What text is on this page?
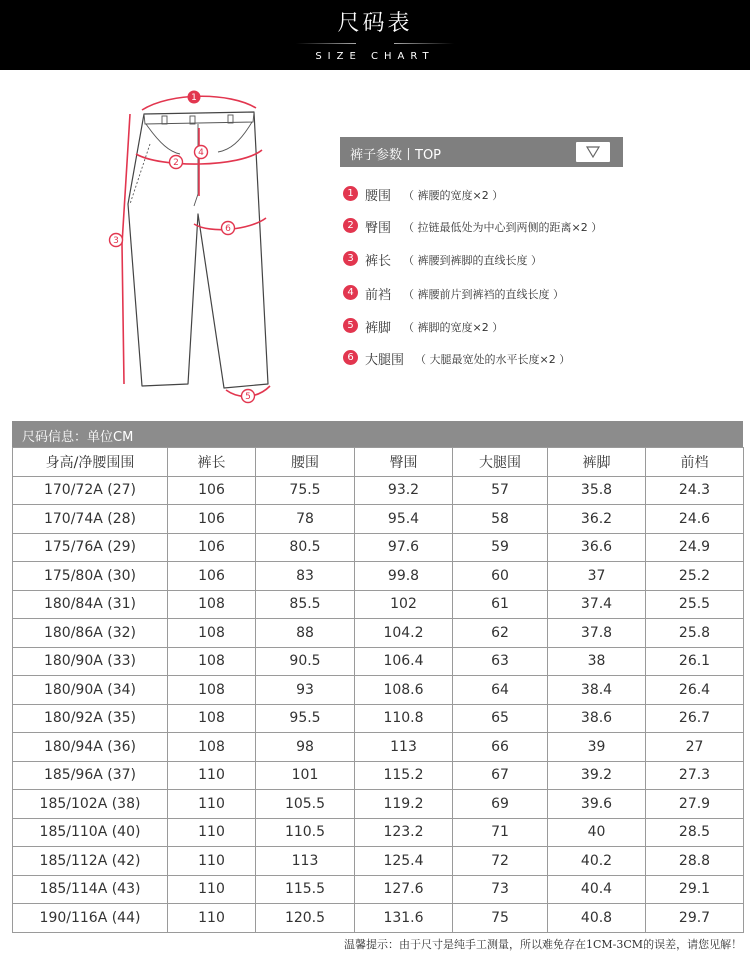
尺码表
SIZE CHART
1
2
3
4
5
6
裤子参数丨TOP
1 腰围 （ 裤腰的宽度×2 ）
2 臀围 （ 拉链最低处为中心到两侧的距离×2 ）
3 裤长 （ 裤腰到裤脚的直线长度 ）
4 前裆 （ 裤腰前片到裤裆的直线长度 ）
5 裤脚 （ 裤脚的宽度×2 ）
6 大腿围 （ 大腿最宽处的水平长度×2 ）
尺码信息：单位CM
身高/净腰围围	裤长	腰围	臀围	大腿围	裤脚	前档
170/72A (27)	106	75.5	93.2	57	35.8	24.3
170/74A (28)	106	78	95.4	58	36.2	24.6
175/76A (29)	106	80.5	97.6	59	36.6	24.9
175/80A (30)	106	83	99.8	60	37	25.2
180/84A (31)	108	85.5	102	61	37.4	25.5
180/86A (32)	108	88	104.2	62	37.8	25.8
180/90A (33)	108	90.5	106.4	63	38	26.1
180/90A (34)	108	93	108.6	64	38.4	26.4
180/92A (35)	108	95.5	110.8	65	38.6	26.7
180/94A (36)	108	98	113	66	39	27
185/96A (37)	110	101	115.2	67	39.2	27.3
185/102A (38)	110	105.5	119.2	69	39.6	27.9
185/110A (40)	110	110.5	123.2	71	40	28.5
185/112A (42)	110	113	125.4	72	40.2	28.8
185/114A (43)	110	115.5	127.6	73	40.4	29.1
190/116A (44)	110	120.5	131.6	75	40.8	29.7
温馨提示：由于尺寸是纯手工测量，所以难免存在1CM-3CM的误差，请您见解！
